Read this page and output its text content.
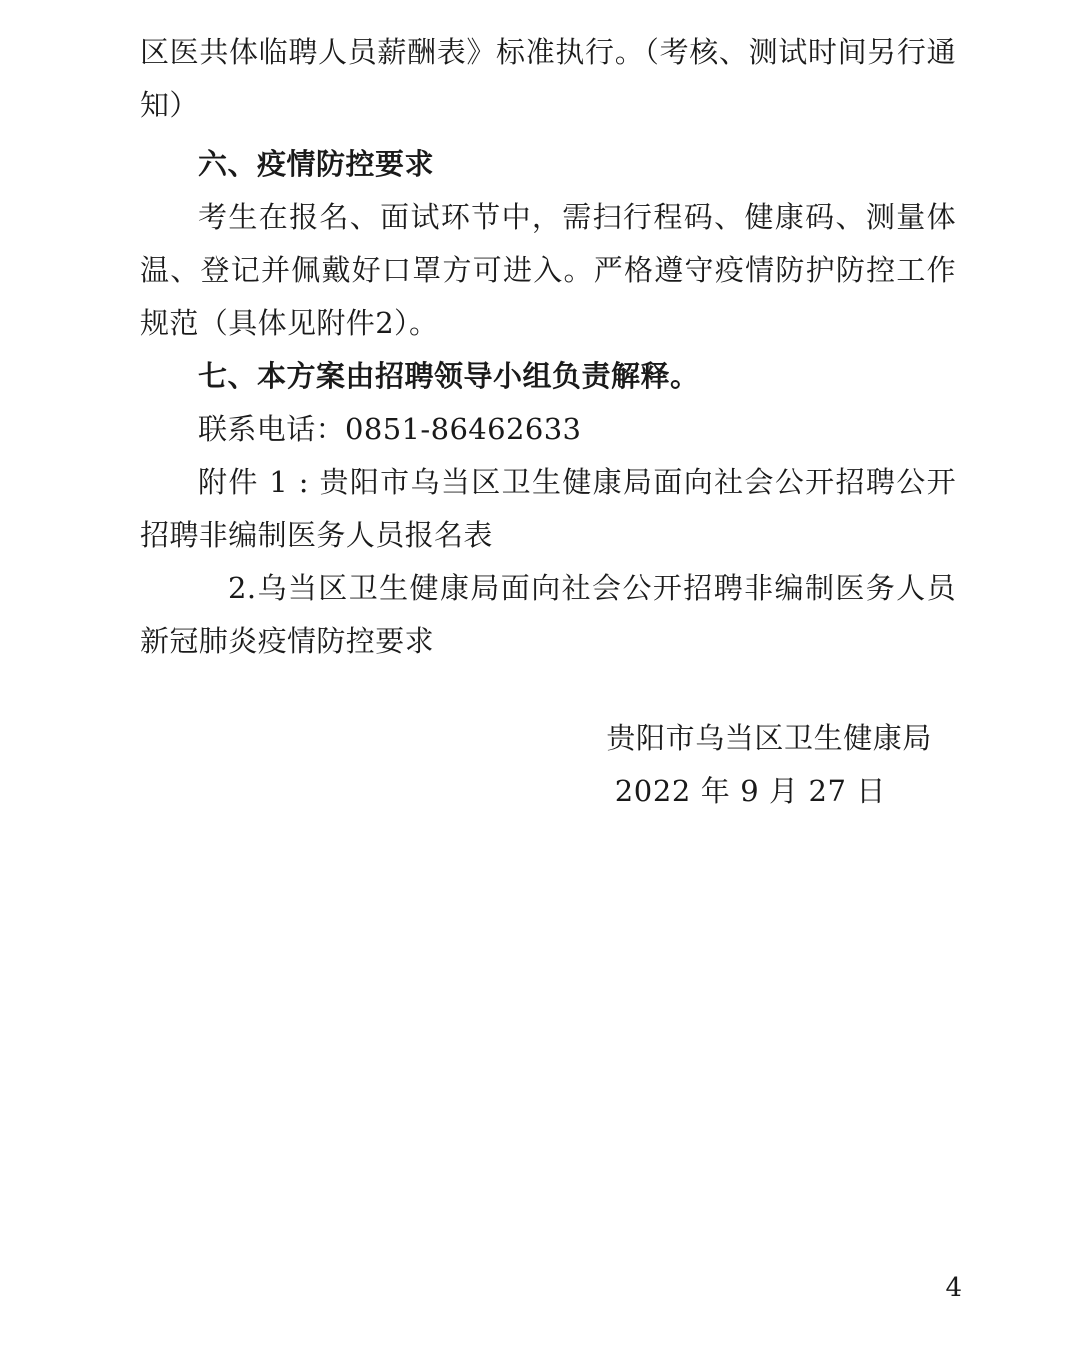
区医共体临聘人员薪酬表》标准执行。（考核、测试时间另行通知）

六、疫情防控要求

考生在报名、面试环节中，需扫行程码、健康码、测量体温、登记并佩戴好口罩方可进入。严格遵守疫情防护防控工作规范（具体见附件2）。

七、本方案由招聘领导小组负责解释。

联系电话：0851-86462633

附件 1 : 贵阳市乌当区卫生健康局面向社会公开招聘公开招聘非编制医务人员报名表

2.乌当区卫生健康局面向社会公开招聘非编制医务人员新冠肺炎疫情防控要求

贵阳市乌当区卫生健康局
2022 年 9 月 27 日
4
